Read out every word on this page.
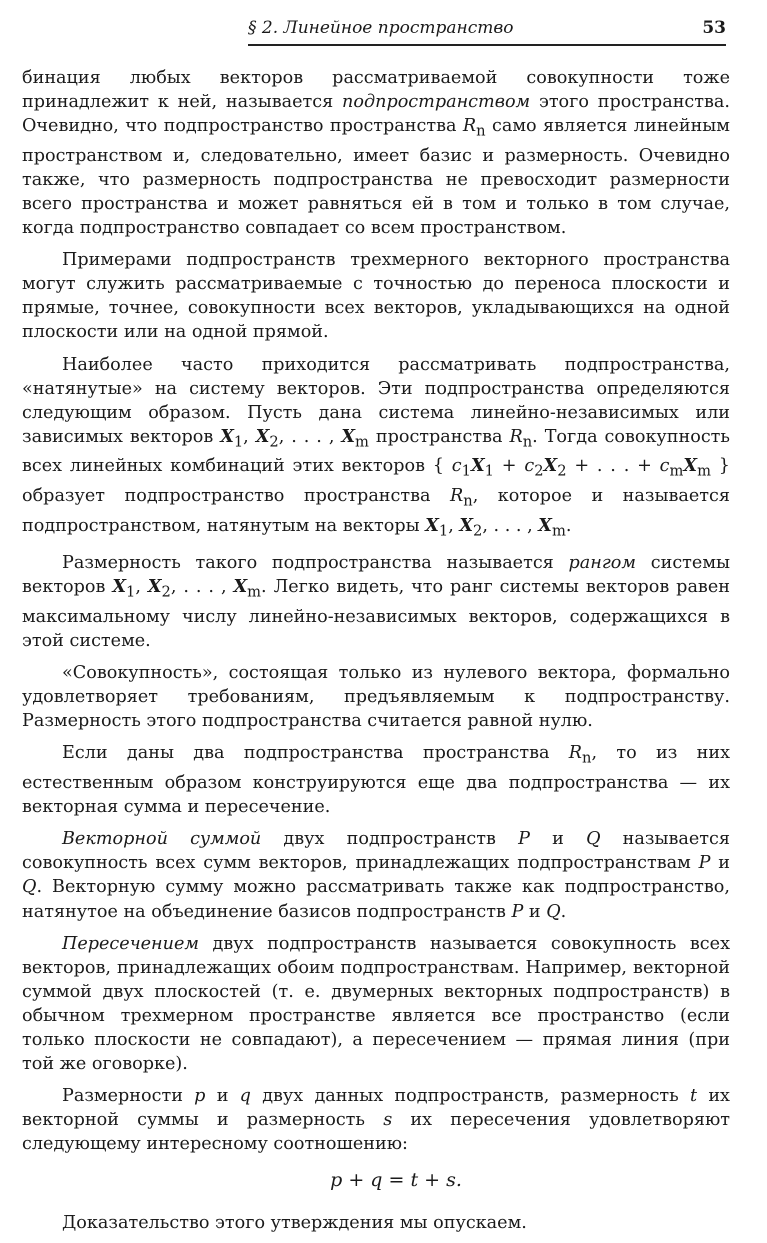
§ 2. Линейное пространство	53

бинация любых векторов рассматриваемой совокупности тоже принадлежит к ней, называется подпространством этого пространства. Очевидно, что подпространство пространства $R_n$ само является линейным пространством и, следовательно, имеет базис и размерность. Очевидно также, что размерность подпространства не превосходит размерности всего пространства и может равняться ей в том и только в том случае, когда подпространство совпадает со всем пространством.

Примерами подпространств трехмерного векторного пространства могут служить рассматриваемые с точностью до переноса плоскости и прямые, точнее, совокупности всех векторов, укладывающихся на одной плоскости или на одной прямой.

Наиболее часто приходится рассматривать подпространства, «натянутые» на систему векторов. Эти подпространства определяются следующим образом. Пусть дана система линейно-независимых или зависимых векторов $X_1$, $X_2$, . . . , $X_m$ пространства $R_n$. Тогда совокупность всех линейных комбинаций этих векторов { $c_1X_1 + c_2X_2$ + . . . + $c_mX_m$ } образует подпространство пространства $R_n$, которое и называется подпространством, натянутым на векторы $X_1$, $X_2$, . . . , $X_m$.

Размерность такого подпространства называется рангом системы векторов $X_1$, $X_2$, . . . , $X_m$. Легко видеть, что ранг системы векторов равен максимальному числу линейно-независимых векторов, содержащихся в этой системе.

«Совокупность», состоящая только из нулевого вектора, формально удовлетворяет требованиям, предъявляемым к подпространству. Размерность этого подпространства считается равной нулю.

Если даны два подпространства пространства $R_n$, то из них естественным образом конструируются еще два подпространства — их векторная сумма и пересечение.

Векторной суммой двух подпространств P и Q называется совокупность всех сумм векторов, принадлежащих подпространствам P и Q. Векторную сумму можно рассматривать также как подпространство, натянутое на объединение базисов подпространств P и Q.

Пересечением двух подпространств называется совокупность всех векторов, принадлежащих обоим подпространствам. Например, векторной суммой двух плоскостей (т. е. двумерных векторных подпространств) в обычном трехмерном пространстве является все пространство (если только плоскости не совпадают), а пересечением — прямая линия (при той же оговорке).

Размерности p и q двух данных подпространств, размерность t их векторной суммы и размерность s их пересечения удовлетворяют следующему интересному соотношению:

p + q = t + s.

Доказательство этого утверждения мы опускаем.
